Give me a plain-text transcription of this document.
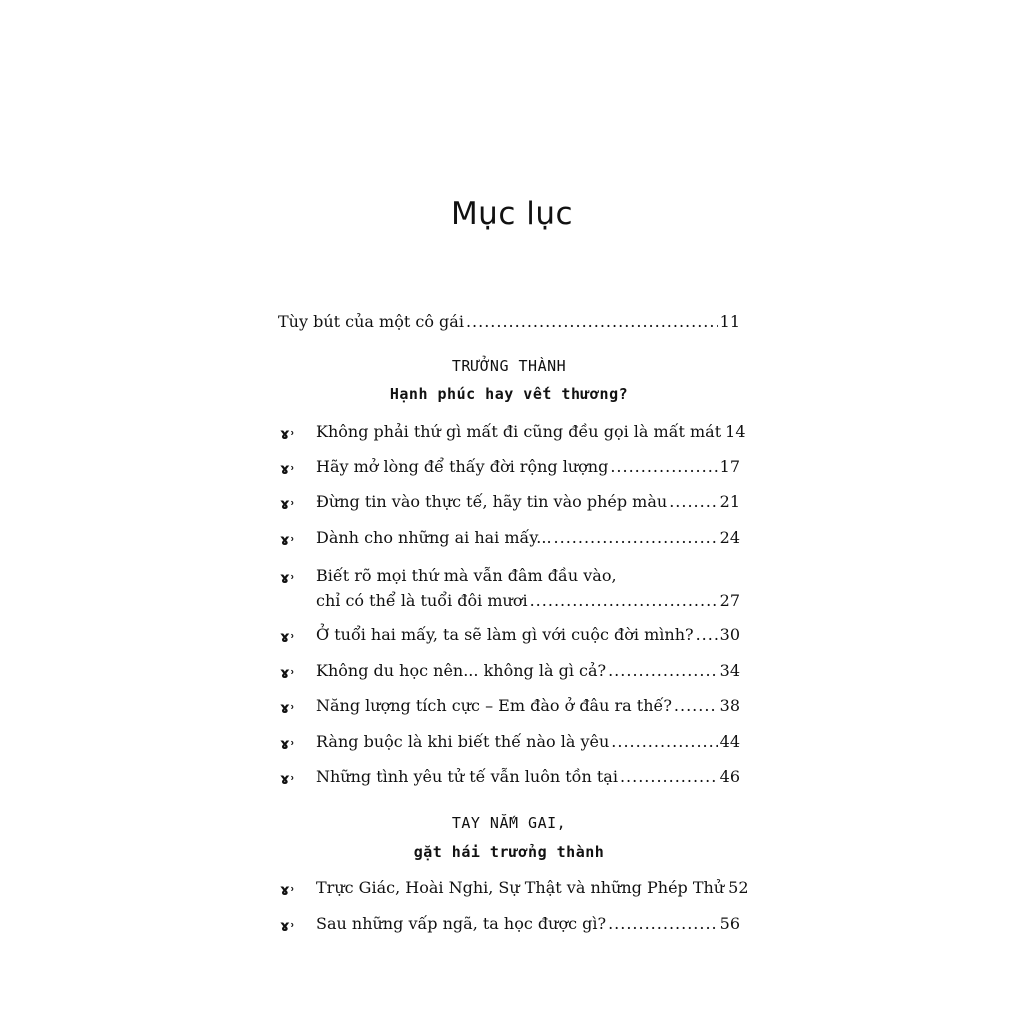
Mục lục
Tùy bút của một cô gái .....	11
TRƯỞNG THÀNH
Hạnh phúc hay vết thương?
ɤ˒ Không phải thứ gì mất đi cũng đều gọi là mất mát 14
ɤ˒ Hãy mở lòng để thấy đời rộng lượng .....	17
ɤ˒ Đừng tin vào thực tế, hãy tin vào phép màu .....	21
ɤ˒ Dành cho những ai hai mấy... .....	24
ɤ˒ Biết rõ mọi thứ mà vẫn đâm đầu vào,
chỉ có thể là tuổi đôi mươi .....	27
ɤ˒ Ở tuổi hai mấy, ta sẽ làm gì với cuộc đời mình? ..... 30
ɤ˒ Không du học nên... không là gì cả? .....	34
ɤ˒ Năng lượng tích cực – Em đào ở đâu ra thế? .....	38
ɤ˒ Ràng buộc là khi biết thế nào là yêu .....	44
ɤ˒ Những tình yêu tử tế vẫn luôn tồn tại .....	46
TAY NẮM GAI,
gặt hái trưởng thành
ɤ˒ Trực Giác, Hoài Nghi, Sự Thật và những Phép Thử 52
ɤ˒ Sau những vấp ngã, ta học được gì? .....	56
